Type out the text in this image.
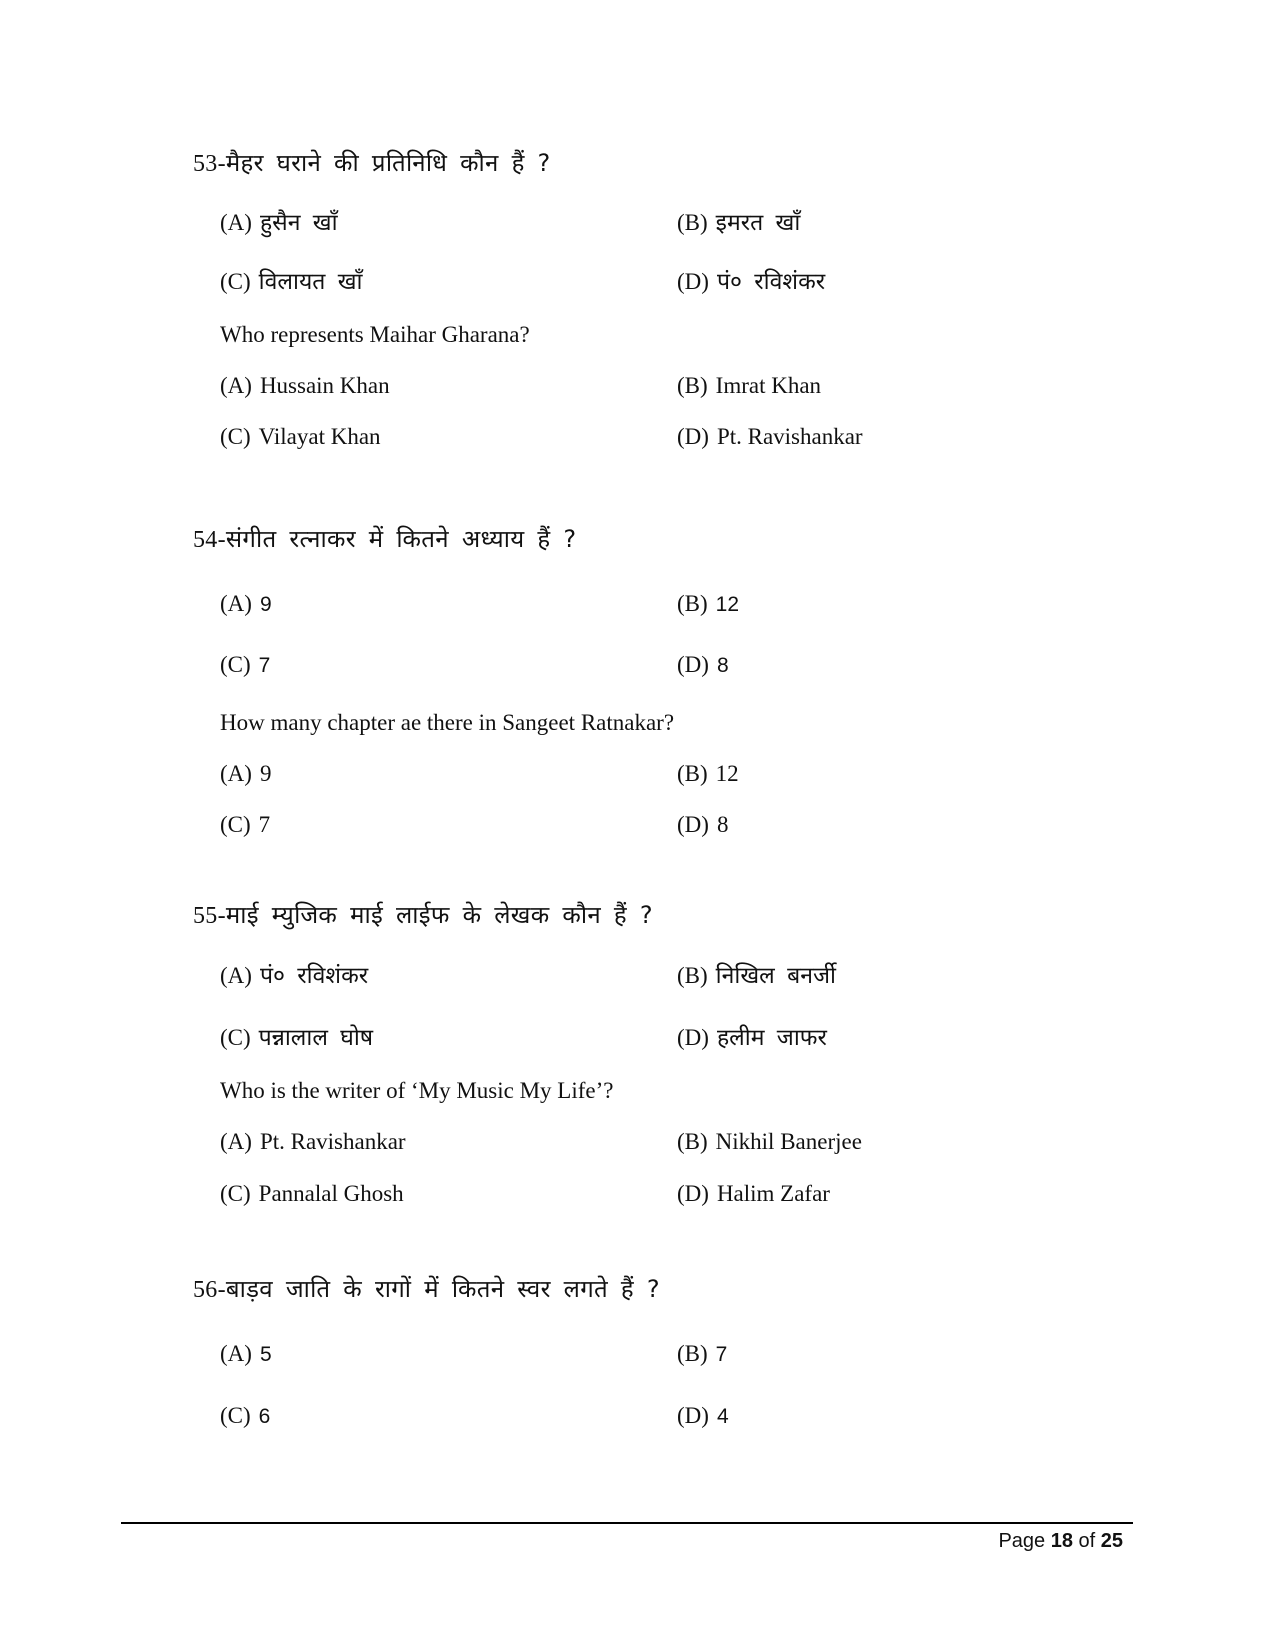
53-मैहर घराने की प्रतिनिधि कौन हैं ?
(A) हुसैन खाँ	(B) इमरत खाँ
(C) विलायत खाँ	(D) पं० रविशंकर
Who represents Maihar Gharana?
(A) Hussain Khan	(B) Imrat Khan
(C) Vilayat Khan	(D) Pt. Ravishankar
54-संगीत रत्नाकर में कितने अध्याय हैं ?
(A) 9	(B) 12
(C) 7	(D) 8
How many chapter ae there in Sangeet Ratnakar?
(A) 9	(B) 12
(C) 7	(D) 8
55-माई म्युजिक माई लाईफ के लेखक कौन हैं ?
(A) पं० रविशंकर	(B) निखिल बनर्जी
(C) पन्नालाल घोष	(D) हलीम जाफर
Who is the writer of ‘My Music My Life’?
(A) Pt. Ravishankar	(B) Nikhil Banerjee
(C) Pannalal Ghosh	(D) Halim Zafar
56-बाड़व जाति के रागों में कितने स्वर लगते हैं ?
(A) 5	(B) 7
(C) 6	(D) 4
Page 18 of 25
